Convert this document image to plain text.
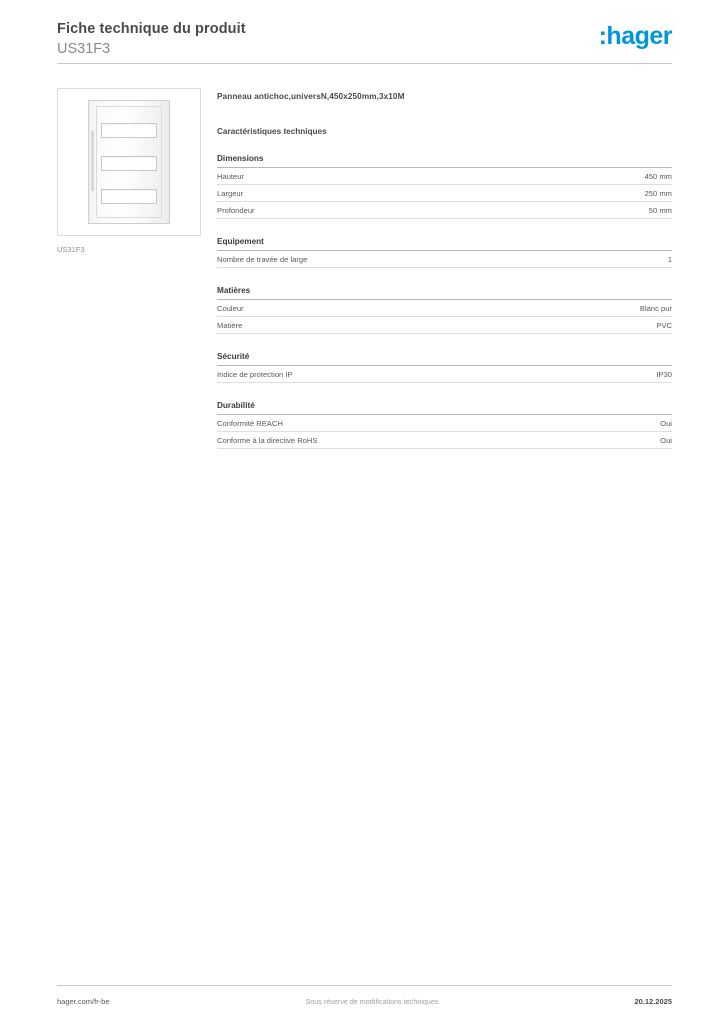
Fiche technique du produit
US31F3	:hager
US31F3
Panneau antichoc,universN,450x250mm,3x10M
Caractéristiques techniques
Dimensions
Hauteur	450 mm
Largeur	250 mm
Profondeur	50 mm
Equipement
Nombre de travée de large	1
Matières
Couleur	Blanc pur
Matière	PVC
Sécurité
Indice de protection IP	IP30
Durabilité
Conformité REACH	Oui
Conforme à la directive RoHS	Oui
hager.com/fr-be	Sous réserve de modifications techniques	20.12.2025
